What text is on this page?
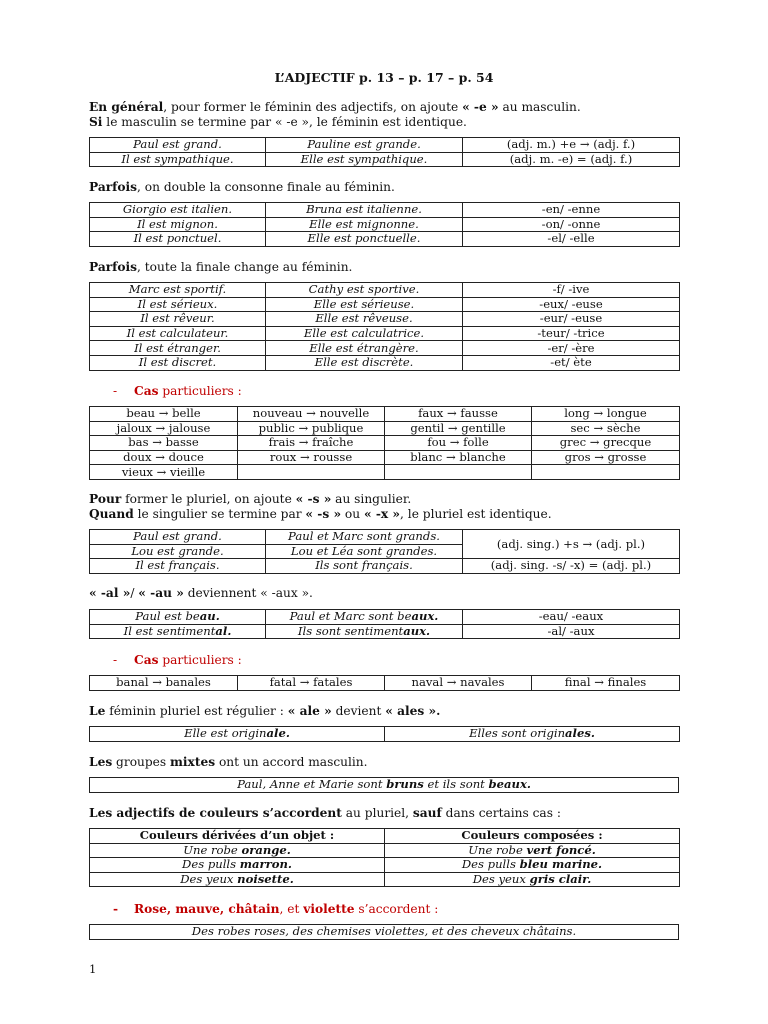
L’ADJECTIF p. 13 – p. 17 – p. 54

En général, pour former le féminin des adjectifs, on ajoute « -e » au masculin.
Si le masculin se termine par « -e », le féminin est identique.

Paul est grand.	Pauline est grande.	(adj. m.) +e → (adj. f.)
Il est sympathique.	Elle est sympathique.	(adj. m. -e) = (adj. f.)

Parfois, on double la consonne finale au féminin.

Giorgio est italien.	Bruna est italienne.	-en/ -enne
Il est mignon.	Elle est mignonne.	-on/ -onne
Il est ponctuel.	Elle est ponctuelle.	-el/ -elle

Parfois, toute la finale change au féminin.

Marc est sportif.	Cathy est sportive.	-f/ -ive
Il est sérieux.	Elle est sérieuse.	-eux/ -euse
Il est rêveur.	Elle est rêveuse.	-eur/ -euse
Il est calculateur.	Elle est calculatrice.	-teur/ -trice
Il est étranger.	Elle est étrangère.	-er/ -ère
Il est discret.	Elle est discrète.	-et/ ète
- Cas particuliers :
beau → belle	nouveau → nouvelle	faux → fausse	long → longue
jaloux → jalouse	public → publique	gentil → gentille	sec → sèche
bas → basse	frais → fraîche	fou → folle	grec → grecque
doux → douce	roux → rousse	blanc → blanche	gros → grosse
vieux → vieille			

Pour former le pluriel, on ajoute « -s » au singulier.
Quand le singulier se termine par « -s » ou « -x », le pluriel est identique.

Paul est grand.	Paul et Marc sont grands.	(adj. sing.) +s → (adj. pl.)
Lou est grande.	Lou et Léa sont grandes.	
Il est français.	Ils sont français.	(adj. sing. -s/ -x) = (adj. pl.)

« -al »/ « -au » deviennent « -aux ».

Paul est beau.	Paul et Marc sont beaux.	-eau/ -eaux
Il est sentimental.	Ils sont sentimentaux.	-al/ -aux
- Cas particuliers :
banal → banales	fatal → fatales	naval → navales	final → finales

Le féminin pluriel est régulier : « ale » devient « ales ».

Elle est originale.	Elles sont originales.

Les groupes mixtes ont un accord masculin.

Paul, Anne et Marie sont bruns et ils sont beaux.

Les adjectifs de couleurs s’accordent au pluriel, sauf dans certains cas :

Couleurs dérivées d’un objet :	Couleurs composées :
Une robe orange.	Une robe vert foncé.
Des pulls marron.	Des pulls bleu marine.
Des yeux noisette.	Des yeux gris clair.
- Rose, mauve, châtain, et violette s’accordent :
Des robes roses, des chemises violettes, et des cheveux châtains.
1
